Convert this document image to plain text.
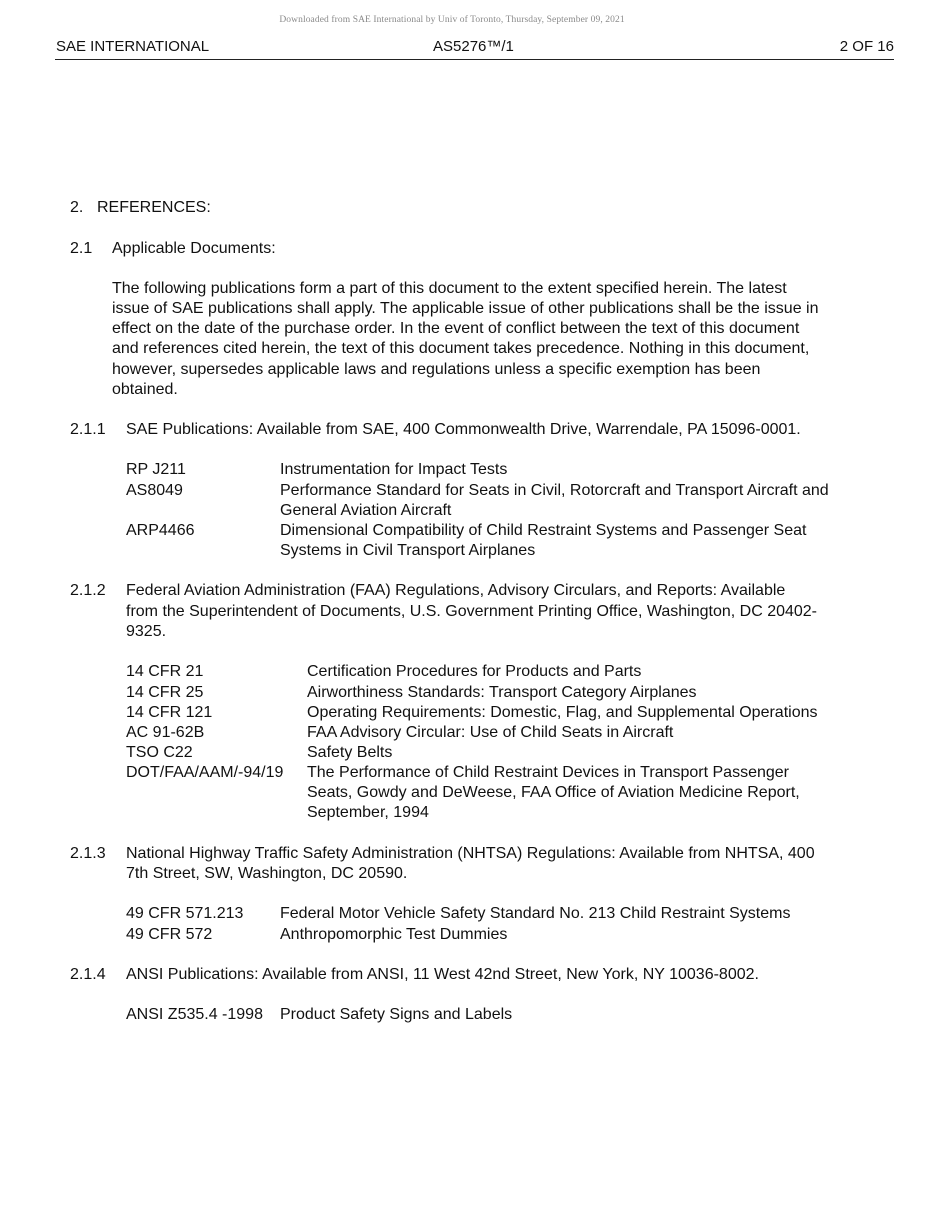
Downloaded from SAE International by Univ of Toronto, Thursday, September 09, 2021
SAE INTERNATIONAL	AS5276™/1	2 OF 16
2. REFERENCES:
2.1 Applicable Documents:
The following publications form a part of this document to the extent specified herein. The latest
issue of SAE publications shall apply. The applicable issue of other publications shall be the issue in
effect on the date of the purchase order. In the event of conflict between the text of this document
and references cited herein, the text of this document takes precedence. Nothing in this document,
however, supersedes applicable laws and regulations unless a specific exemption has been
obtained.
2.1.1 SAE Publications: Available from SAE, 400 Commonwealth Drive, Warrendale, PA 15096-0001.
RP J211	Instrumentation for Impact Tests
AS8049	Performance Standard for Seats in Civil, Rotorcraft and Transport Aircraft and
General Aviation Aircraft
ARP4466	Dimensional Compatibility of Child Restraint Systems and Passenger Seat
Systems in Civil Transport Airplanes
2.1.2 Federal Aviation Administration (FAA) Regulations, Advisory Circulars, and Reports: Available
from the Superintendent of Documents, U.S. Government Printing Office, Washington, DC 20402-
9325.
14 CFR 21	Certification Procedures for Products and Parts
14 CFR 25	Airworthiness Standards: Transport Category Airplanes
14 CFR 121	Operating Requirements: Domestic, Flag, and Supplemental Operations
AC 91-62B	FAA Advisory Circular: Use of Child Seats in Aircraft
TSO C22	Safety Belts
DOT/FAA/AAM/-94/19 The Performance of Child Restraint Devices in Transport Passenger
Seats, Gowdy and DeWeese, FAA Office of Aviation Medicine Report,
September, 1994
2.1.3 National Highway Traffic Safety Administration (NHTSA) Regulations: Available from NHTSA, 400
7th Street, SW, Washington, DC 20590.
49 CFR 571.213 Federal Motor Vehicle Safety Standard No. 213 Child Restraint Systems
49 CFR 572	Anthropomorphic Test Dummies
2.1.4 ANSI Publications: Available from ANSI, 11 West 42nd Street, New York, NY 10036-8002.
ANSI Z535.4 -1998 Product Safety Signs and Labels
